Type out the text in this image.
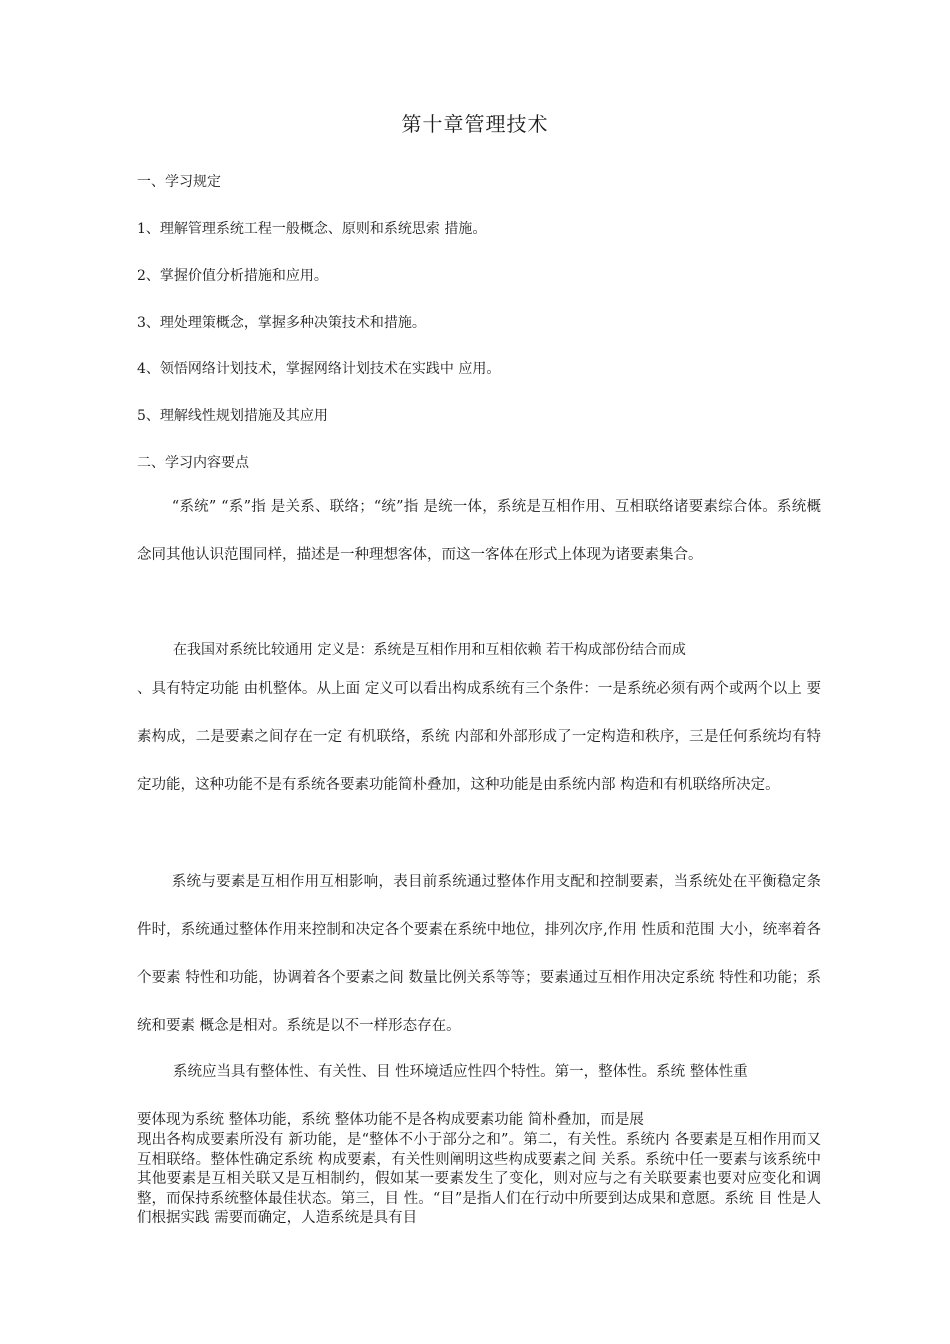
第十章管理技术
一、学习规定
1、理解管理系统工程一般概念、原则和系统思索 措施。
2、掌握价值分析措施和应用。
3、理处理策概念，掌握多种决策技术和措施。
4、领悟网络计划技术，掌握网络计划技术在实践中 应用。
5、理解线性规划措施及其应用
二、学习内容要点

“系统” “系”指 是关系、联络；“统”指 是统一体，系统是互相作用、互相联络诸要素综合体。系统概念同其他认识范围同样，描述是一种理想客体，而这一客体在形式上体现为诸要素集合。

在我国对系统比较通用 定义是：系统是互相作用和互相依赖 若干构成部份结合而成

、具有特定功能 由机整体。从上面 定义可以看出构成系统有三个条件：一是系统必须有两个或两个以上 要素构成，二是要素之间存在一定 有机联络，系统 内部和外部形成了一定构造和秩序，三是任何系统均有特定功能，这种功能不是有系统各要素功能简朴叠加，这种功能是由系统内部 构造和有机联络所决定。

系统与要素是互相作用互相影响，表目前系统通过整体作用支配和控制要素，当系统处在平衡稳定条件时，系统通过整体作用来控制和决定各个要素在系统中地位，排列次序,作用 性质和范围 大小，统率着各个要素 特性和功能，协调着各个要素之间 数量比例关系等等；要素通过互相作用决定系统 特性和功能；系统和要素 概念是相对。系统是以不一样形态存在。

系统应当具有整体性、有关性、目 性环境适应性四个特性。第一，整体性。系统 整体性重
要体现为系统 整体功能，系统 整体功能不是各构成要素功能 简朴叠加，而是展

现出各构成要素所没有 新功能，是“整体不小于部分之和”。第二，有关性。系统内 各要素是互相作用而又互相联络。整体性确定系统 构成要素，有关性则阐明这些构成要素之间 关系。系统中任一要素与该系统中 其他要素是互相关联又是互相制约，假如某一要素发生了变化，则对应与之有关联要素也要对应变化和调整，而保持系统整体最佳状态。第三，目 性。“目”是指人们在行动中所要到达成果和意愿。系统 目 性是人们根据实践 需要而确定，人造系统是具有目
